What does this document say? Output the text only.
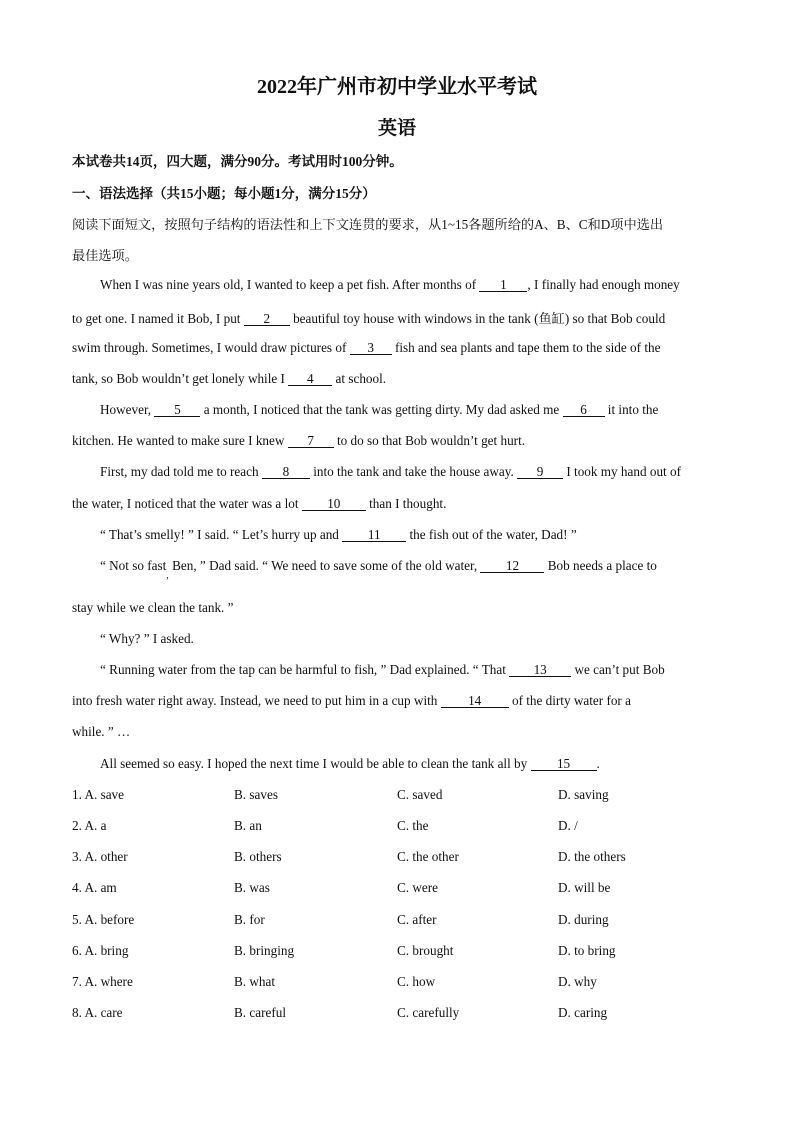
2022年广州市初中学业水平考试
英语
本试卷共14页，四大题，满分90分。考试用时100分钟。
一、语法选择（共15小题；每小题1分，满分15分）
阅读下面短文，按照句子结构的语法性和上下文连贯的要求，从1~15各题所给的A、B、C和D项中选出
最佳选项。
When I was nine years old, I wanted to keep a pet fish. After months of 1 , I finally had enough money
to get one. I named it Bob, I put 2 beautiful toy house with windows in the tank (鱼缸) so that Bob could
swim through. Sometimes, I would draw pictures of 3 fish and sea plants and tape them to the side of the
tank, so Bob wouldn’t get lonely while I 4 at school.
However, 5 a month, I noticed that the tank was getting dirty. My dad asked me 6 it into the
kitchen. He wanted to make sure I knew 7 to do so that Bob wouldn’t get hurt.
First, my dad told me to reach 8 into the tank and take the house away. 9 I took my hand out of
the water, I noticed that the water was a lot 10 than I thought.
“ That’s smelly! ” I said. “ Let’s hurry up and 11 the fish out of the water, Dad! ”
“ Not so fast$_,$ Ben, ” Dad said. “ We need to save some of the old water, 12 Bob needs a place to
stay while we clean the tank. ”
“ Why? ” I asked.
“ Running water from the tap can be harmful to fish, ” Dad explained. “ That 13 we can’t put Bob
into fresh water right away. Instead, we need to put him in a cup with 14 of the dirty water for a
while. ” …
All seemed so easy. I hoped the next time I would be able to clean the tank all by 15 .
1. A. save	B. saves	C. saved	D. saving
2. A. a	B. an	C. the	D. /
3. A. other	B. others	C. the other	D. the others
4. A. am	B. was	C. were	D. will be
5. A. before	B. for	C. after	D. during
6. A. bring	B. bringing	C. brought	D. to bring
7. A. where	B. what	C. how	D. why
8. A. care	B. careful	C. carefully	D. caring
